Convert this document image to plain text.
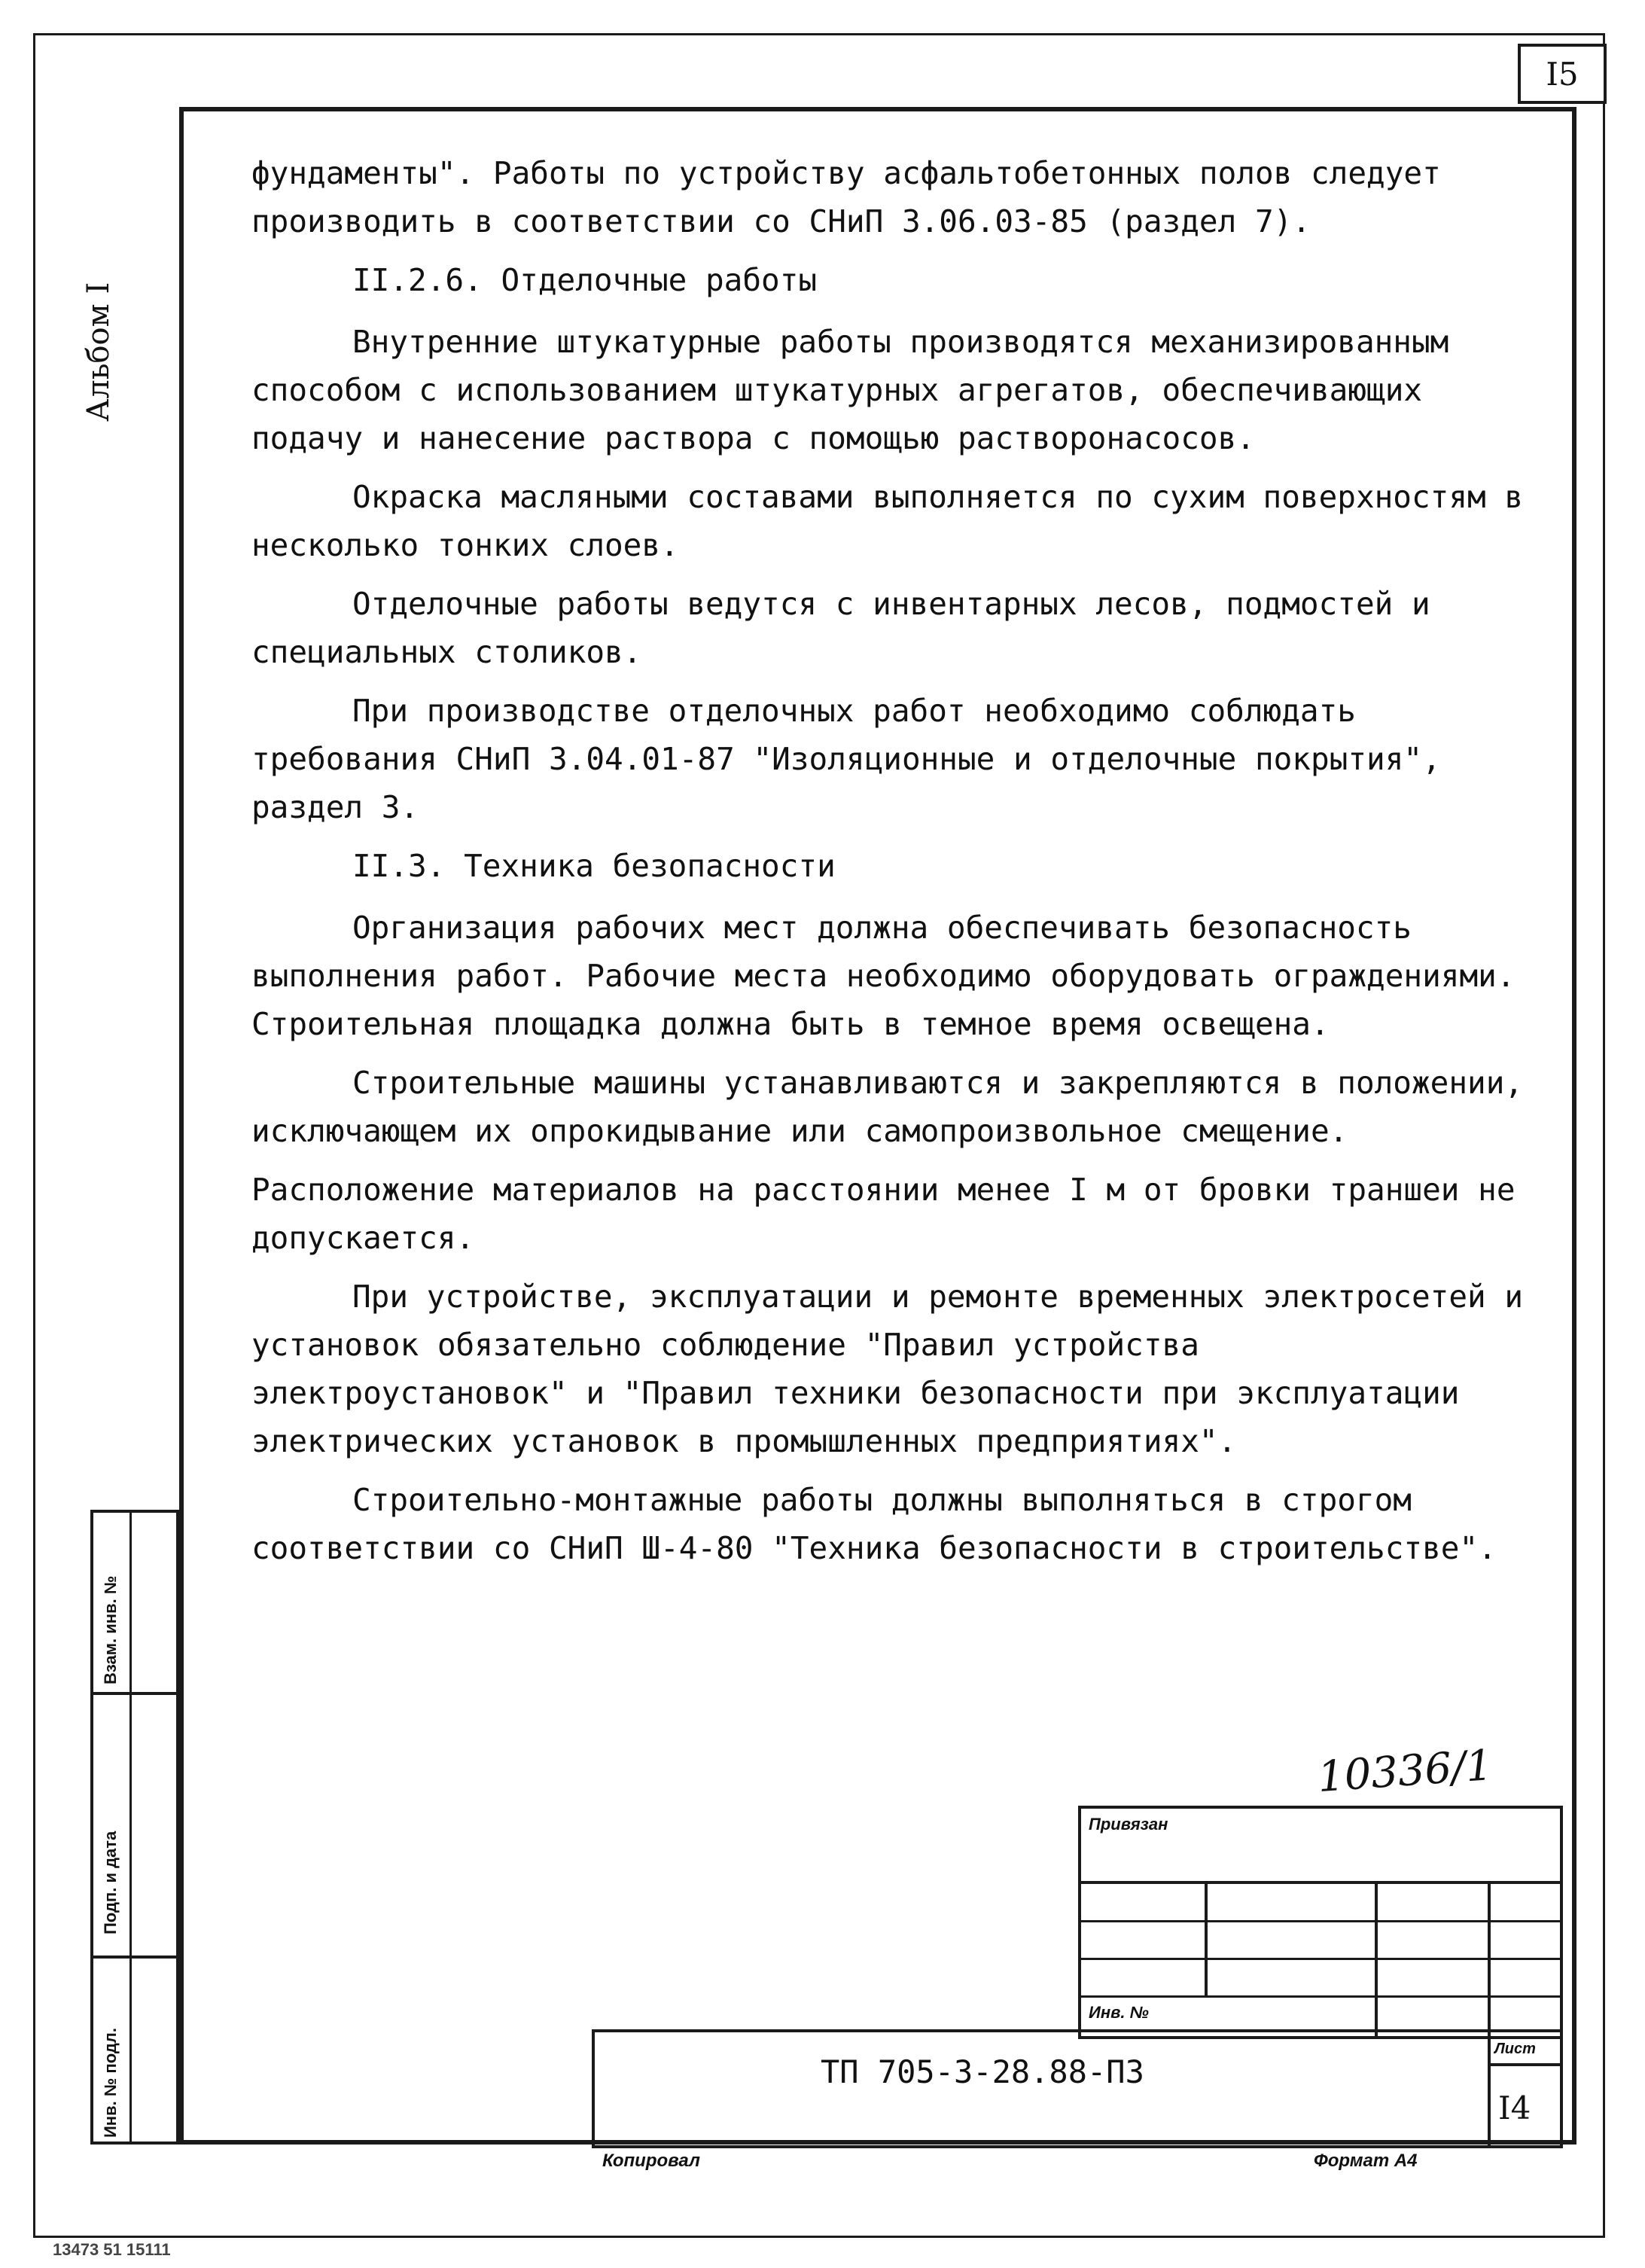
I5
Альбом I
Взам. инв. №
Подп. и дата
Инв. № подл.

фундаменты". Работы по устройству асфальтобетонных полов следует производить в соответствии со СНиП 3.06.03-85 (раздел 7).

II.2.6. Отделочные работы

Внутренние штукатурные работы производятся механизированным способом с использованием штукатурных агрегатов, обеспечивающих подачу и нанесение раствора с помощью растворонасосов.

Окраска масляными составами выполняется по сухим поверхностям в несколько тонких слоев.

Отделочные работы ведутся с инвентарных лесов, подмостей и специальных столиков.

При производстве отделочных работ необходимо соблюдать требования СНиП 3.04.01-87 "Изоляционные и отделочные покрытия", раздел 3.

II.3. Техника безопасности

Организация рабочих мест должна обеспечивать безопасность выполнения работ. Рабочие места необходимо оборудовать ограждениями. Строительная площадка должна быть в темное время освещена.

Строительные машины устанавливаются и закрепляются в положении, исключающем их опрокидывание или самопроизвольное смещение.

Расположение материалов на расстоянии менее I м от бровки траншеи не допускается.

При устройстве, эксплуатации и ремонте временных электросетей и установок обязательно соблюдение "Правил устройства электроустановок" и "Правил техники безопасности при эксплуатации электрических установок в промышленных предприятиях".

Строительно-монтажные работы должны выполняться в строгом соответствии со СНиП Ш-4-80 "Техника безопасности в строительстве".

10336/1
Привязан
Инв. №
Лист
ТП 705-3-28.88-ПЗ
I4
Копировал	Формат А4
13473 51 15111
